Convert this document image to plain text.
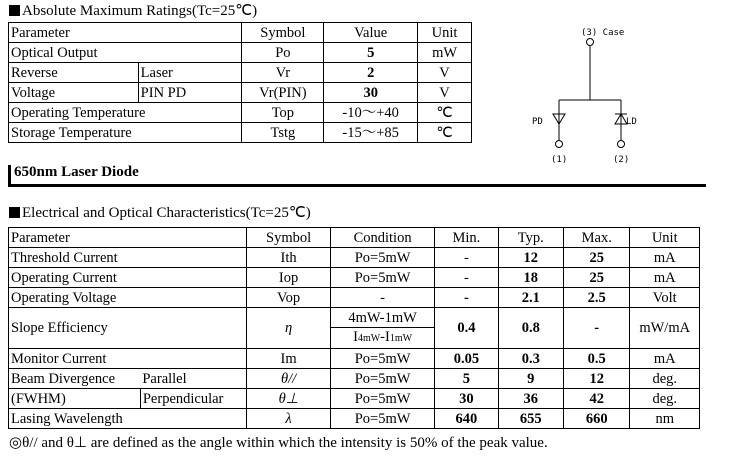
Absolute Maximum Ratings(Tc=25℃)
Parameter		Symbol	Value	Unit
Optical Output		Po	5	mW
Reverse	Laser	Vr	2	V
Voltage	PIN PD	Vr(PIN)	30	V
Operating Temperature		Top	-10～+40	℃
Storage Temperature		Tstg	-15～+85	℃
(3) Case
PD
(1)
LD
(2)
650nm Laser Diode
Electrical and Optical Characteristics(Tc=25℃)
Parameter		Symbol	Condition	Min.	Typ.	Max.	Unit
Threshold Current		Ith	Po=5mW	-	12	25	mA
Operating Current		Iop	Po=5mW	-	18	25	mA
Operating Voltage		Vop	-	-	2.1	2.5	Volt
Slope Efficiency		η	4mW-1mW	0.4	0.8	-	mW/mA
			I4mW-I1mW				
Monitor Current		Im	Po=5mW	0.05	0.3	0.5	mA
Beam Divergence	Parallel	θ//	Po=5mW	5	9	12	deg.
(FWHM)	Perpendicular	θ⊥	Po=5mW	30	36	42	deg.
Lasing Wavelength		λ	Po=5mW	640	655	660	nm
◎θ// and θ⊥ are defined as the angle within which the intensity is 50% of the peak value.
